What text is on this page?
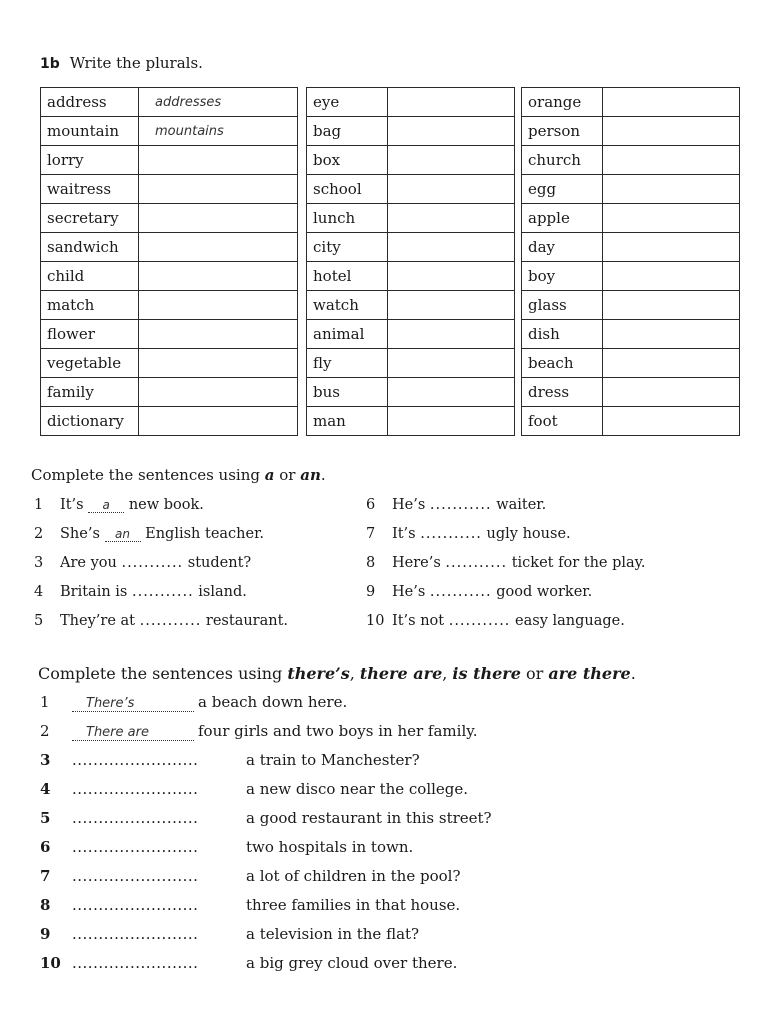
1b Write the plurals.
address	addresses
mountain	mountains
lorry	
waitress	
secretary	
sandwich	
child	
match	
flower	
vegetable	
family	
dictionary	
eye	
bag	
box	
school	
lunch	
city	
hotel	
watch	
animal	
fly	
bus	
man	
orange	
person	
church	
egg	
apple	
day	
boy	
glass	
dish	
beach	
dress	
foot	
Complete the sentences using a or an.
1 It’s a new book.
2 She’s an English teacher.
3 Are you ........... student?
4 Britain is ........... island.
5 They’re at ........... restaurant.
6 He’s ........... waiter.
7 It’s ........... ugly house.
8 Here’s ........... ticket for the play.
9 He’s ........... good worker.
10 It’s not ........... easy language.
Complete the sentences using there’s, there are, is there or are there.
1	There’s	a beach down here.
2	There are	four girls and two boys in her family.
3 ........................	a train to Manchester?
4 ........................	a new disco near the college.
5 ........................	a good restaurant in this street?
6 ........................	two hospitals in town.
7 ........................	a lot of children in the pool?
8 ........................	three families in that house.
9 ........................	a television in the flat?
10 ........................	a big grey cloud over there.
